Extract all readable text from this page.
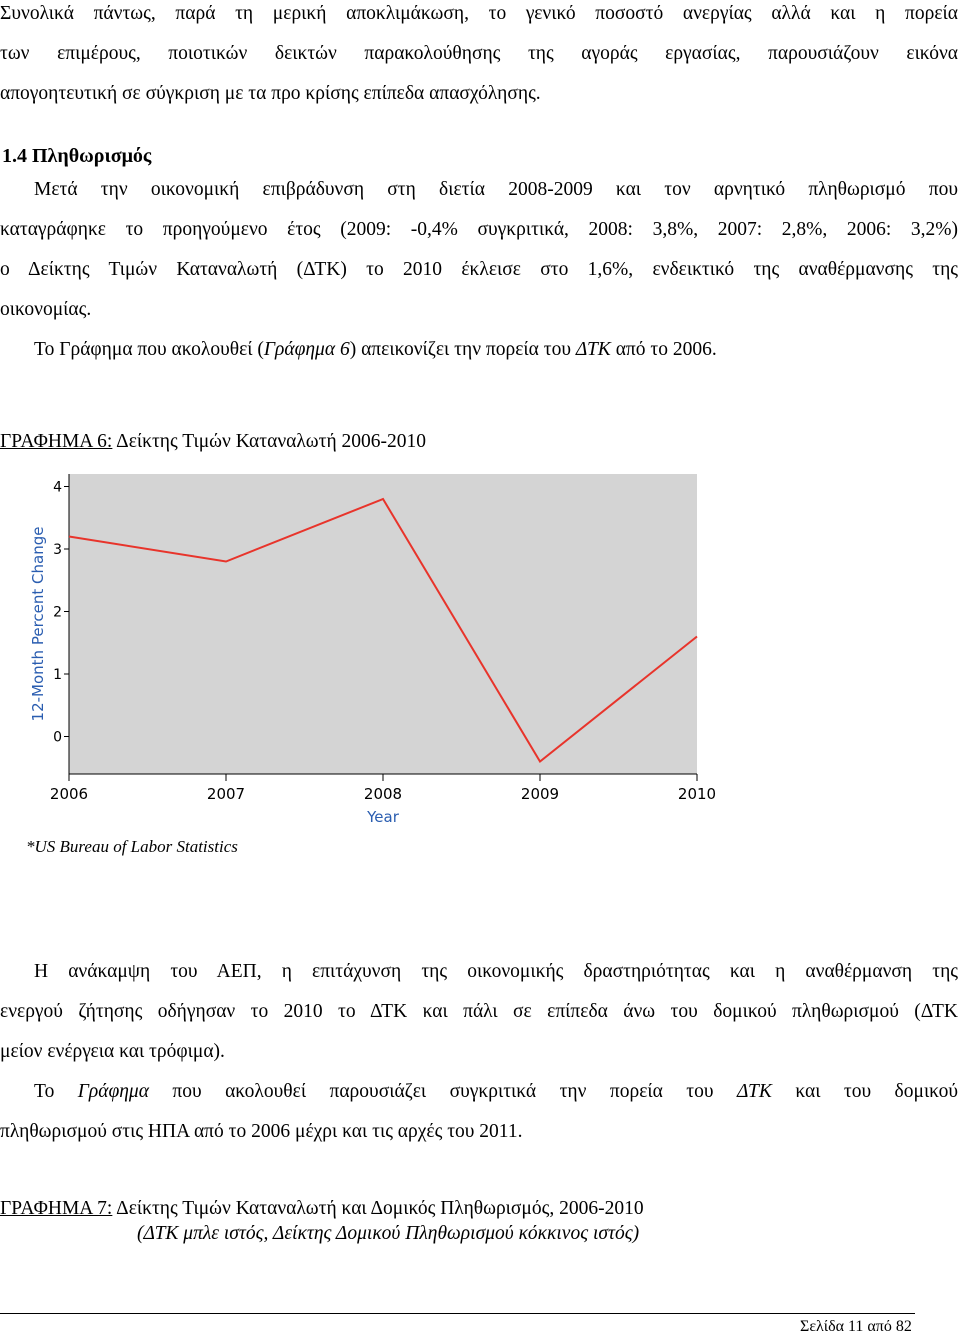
Συνολικά πάντως, παρά τη μερική αποκλιμάκωση, το γενικό ποσοστό ανεργίας αλλά και η πορεία
των επιμέρους, ποιοτικών δεικτών παρακολούθησης της αγοράς εργασίας, παρουσιάζουν εικόνα
απογοητευτική σε σύγκριση με τα προ κρίσης επίπεδα απασχόλησης.
1.4 Πληθωρισμός
Μετά την οικονομική επιβράδυνση στη διετία 2008-2009 και τον αρνητικό πληθωρισμό που
καταγράφηκε το προηγούμενο έτος (2009: -0,4% συγκριτικά, 2008: 3,8%, 2007: 2,8%, 2006: 3,2%)
ο Δείκτης Τιμών Καταναλωτή (ΔΤΚ) το 2010 έκλεισε στο 1,6%, ενδεικτικό της αναθέρμανσης της
οικονομίας.
Το Γράφημα που ακολουθεί (Γράφημα 6) απεικονίζει την πορεία του ΔΤΚ από το 2006.
ΓΡΑΦΗΜΑ 6: Δείκτης Τιμών Καταναλωτή 2006-2010
0
1
2
3
4
2006	2007	2008	2009	2010
12-Month Percent Change
Year
*US Bureau of Labor Statistics
Η ανάκαμψη του ΑΕΠ, η επιτάχυνση της οικονομικής δραστηριότητας και η αναθέρμανση της
ενεργού ζήτησης οδήγησαν το 2010 το ΔΤΚ και πάλι σε επίπεδα άνω του δομικού πληθωρισμού (ΔΤΚ
μείον ενέργεια και τρόφιμα).
Το Γράφημα που ακολουθεί παρουσιάζει συγκριτικά την πορεία του ΔΤΚ και του δομικού
πληθωρισμού στις ΗΠΑ από το 2006 μέχρι και τις αρχές του 2011.
ΓΡΑΦΗΜΑ 7: Δείκτης Τιμών Καταναλωτή και Δομικός Πληθωρισμός, 2006-2010
(ΔΤΚ μπλε ιστός, Δείκτης Δομικού Πληθωρισμού κόκκινος ιστός)
Σελίδα 11 από 82
